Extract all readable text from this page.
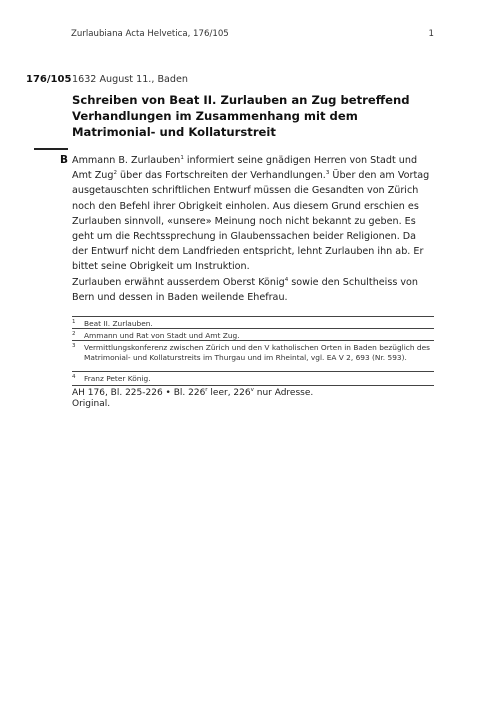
Zurlaubiana Acta Helvetica, 176/105	1
176/105 1632 August 11., Baden
Schreiben von Beat II. Zurlauben an Zug betreffend Verhandlungen im Zusammenhang mit dem Matrimonial- und Kollaturstreit
B Ammann B. Zurlauben$^1$ informiert seine gnädigen Herren von Stadt und Amt Zug$^2$ über das Fortschreiten der Verhandlungen.$^3$ Über den am Vortag ausgetauschten schriftlichen Entwurf müssen die Gesandten von Zürich noch den Befehl ihrer Obrigkeit einholen. Aus diesem Grund erschien es Zurlauben sinnvoll, «unsere» Meinung noch nicht bekannt zu geben. Es geht um die Rechtssprechung in Glaubenssachen beider Religionen. Da der Entwurf nicht dem Landfrieden entspricht, lehnt Zurlauben ihn ab. Er bittet seine Obrigkeit um Instruktion.

Zurlauben erwähnt ausserdem Oberst König$^4$ sowie den Schultheiss von Bern und dessen in Baden weilende Ehefrau.

1 Beat II. Zurlauben.
2 Ammann und Rat von Stadt und Amt Zug.
3 Vermittlungskonferenz zwischen Zürich und den V katholischen Orten in Baden bezüglich des Matrimonial- und Kollaturstreits im Thurgau und im Rheintal, vgl. EA V 2, 693 (Nr. 593).
4 Franz Peter König.
AH 176, Bl. 225-226 • Bl. 226$^r$ leer, 226$^v$ nur Adresse.
Original.
